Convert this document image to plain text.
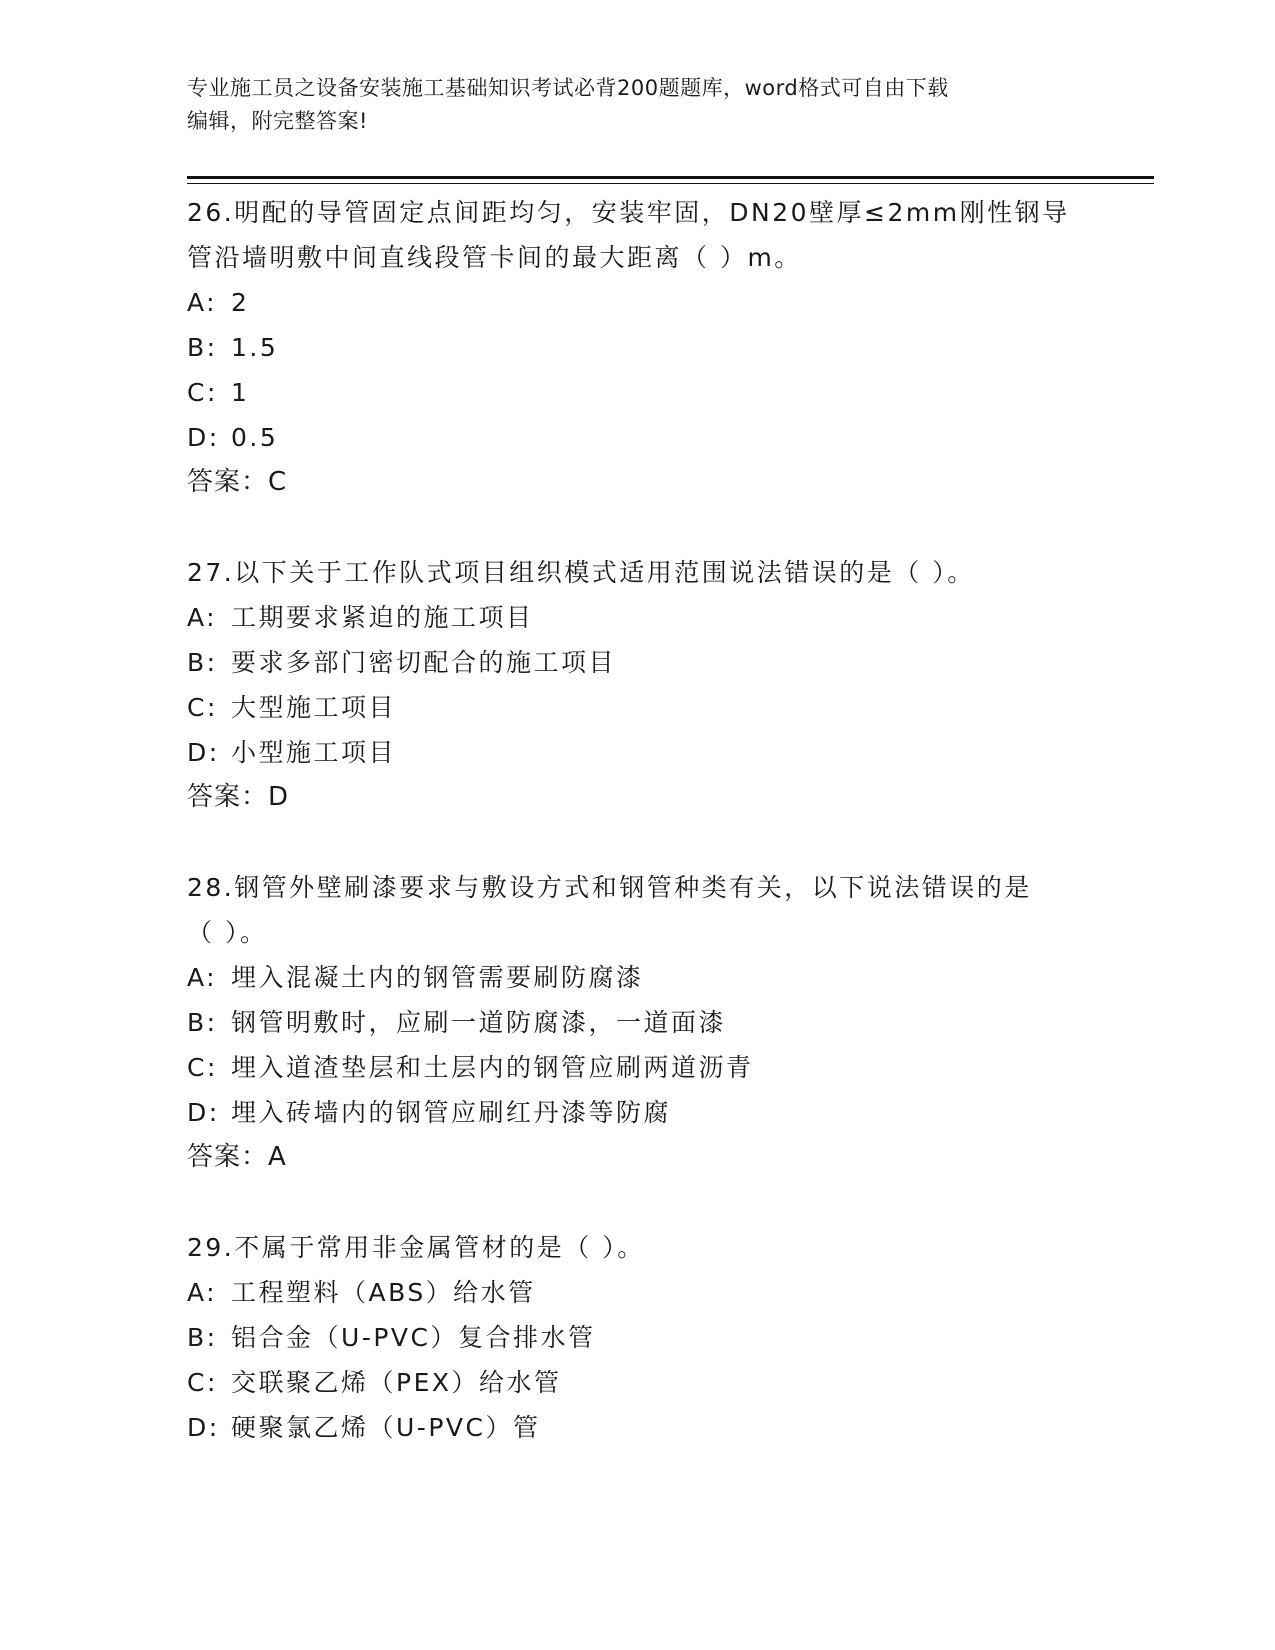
专业施工员之设备安装施工基础知识考试必背200题题库，word格式可自由下载
编辑，附完整答案!
26.明配的导管固定点间距均匀，安装牢固，DN20壁厚≤2mm刚性钢导
管沿墙明敷中间直线段管卡间的最大距离（ ）m。
A: 2
B: 1.5
C: 1
D: 0.5
答案：C
27.以下关于工作队式项目组织模式适用范围说法错误的是（ ）。
A: 工期要求紧迫的施工项目
B: 要求多部门密切配合的施工项目
C: 大型施工项目
D: 小型施工项目
答案：D
28.钢管外壁刷漆要求与敷设方式和钢管种类有关，以下说法错误的是
（ ）。
A: 埋入混凝土内的钢管需要刷防腐漆
B: 钢管明敷时，应刷一道防腐漆，一道面漆
C: 埋入道渣垫层和土层内的钢管应刷两道沥青
D: 埋入砖墙内的钢管应刷红丹漆等防腐
答案：A
29.不属于常用非金属管材的是（ ）。
A: 工程塑料（ABS）给水管
B: 铝合金（U-PVC）复合排水管
C: 交联聚乙烯（PEX）给水管
D: 硬聚氯乙烯（U-PVC）管
